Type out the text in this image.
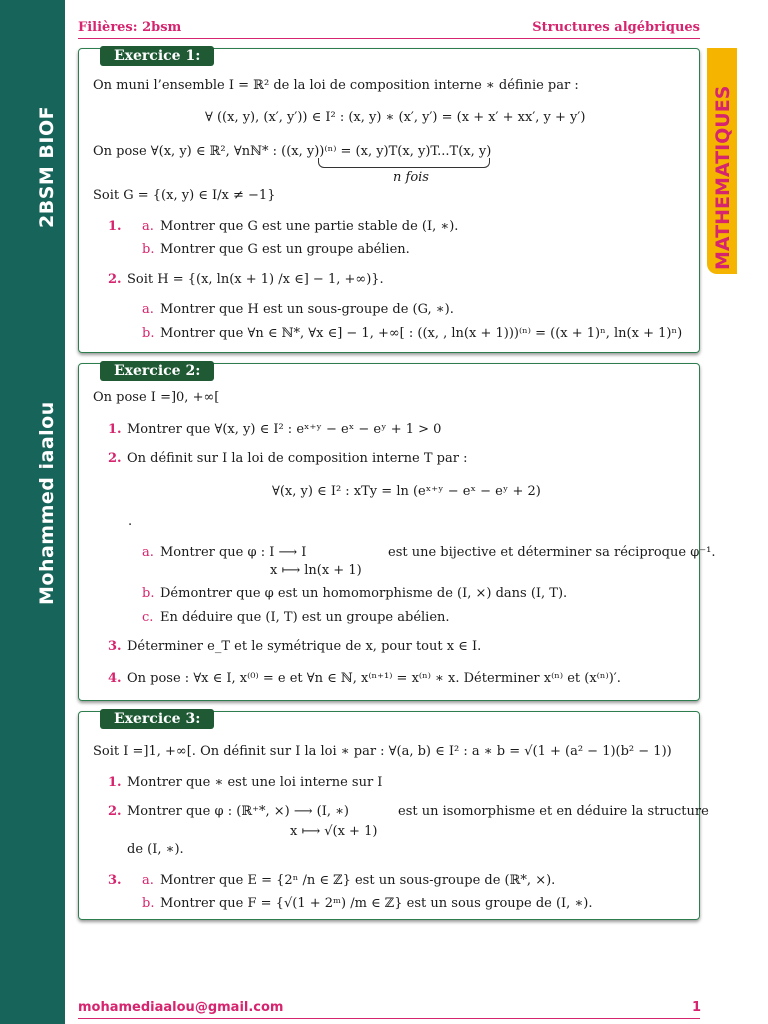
2BSM BIOF
Mohammed iaalou
Filières: 2bsm	Structures algébriques
MATHEMATIQUES
Exercice 1:
On muni l’ensemble I = ℝ² de la loi de composition interne ∗ définie par :
∀ ((x, y), (x′, y′)) ∈ I² : (x, y) ∗ (x′, y′) = (x + x′ + xx′, y + y′)
On pose ∀(x, y) ∈ ℝ², ∀nℕ* : ((x, y))⁽ⁿ⁾ = (x, y)T(x, y)T...T(x, y)
n fois
Soit G = {(x, y) ∈ I/x ≠ −1}
1. a. Montrer que G est une partie stable de (I, ∗).
b. Montrer que G est un groupe abélien.
2. Soit H = {(x, ln(x + 1) /x ∈] − 1, +∞)}.
a. Montrer que H est un sous-groupe de (G, ∗).
b. Montrer que ∀n ∈ ℕ*, ∀x ∈] − 1, +∞[ : ((x, , ln(x + 1)))⁽ⁿ⁾ = ((x + 1)ⁿ, ln(x + 1)ⁿ)
Exercice 2:
On pose I =]0, +∞[
1. Montrer que ∀(x, y) ∈ I² : eˣ⁺ʸ − eˣ − eʸ + 1 > 0
2. On définit sur I la loi de composition interne T par :
∀(x, y) ∈ I² : xTy = ln (eˣ⁺ʸ − eˣ − eʸ + 2)
.
a. Montrer que φ : I ⟶ I	est une bijective et déterminer sa réciproque φ⁻¹.
x ⟼ ln(x + 1)
b. Démontrer que φ est un homomorphisme de (I, ×) dans (I, T).
c. En déduire que (I, T) est un groupe abélien.
3. Déterminer e_T et le symétrique de x, pour tout x ∈ I.
4. On pose : ∀x ∈ I, x⁽⁰⁾ = e et ∀n ∈ ℕ, x⁽ⁿ⁺¹⁾ = x⁽ⁿ⁾ ∗ x. Déterminer x⁽ⁿ⁾ et (x⁽ⁿ⁾)′.
Exercice 3:
Soit I =]1, +∞[. On définit sur I la loi ∗ par : ∀(a, b) ∈ I² : a ∗ b = √(1 + (a² − 1)(b² − 1))
1. Montrer que ∗ est une loi interne sur I
2. Montrer que φ : (ℝ⁺*, ×) ⟶ (I, ∗)	est un isomorphisme et en déduire la structure
x ⟼ √(x + 1)
de (I, ∗).
3. a. Montrer que E = {2ⁿ /n ∈ ℤ} est un sous-groupe de (ℝ*, ×).
b. Montrer que F = {√(1 + 2ᵐ) /m ∈ ℤ} est un sous groupe de (I, ∗).
mohamediaalou@gmail.com	1
